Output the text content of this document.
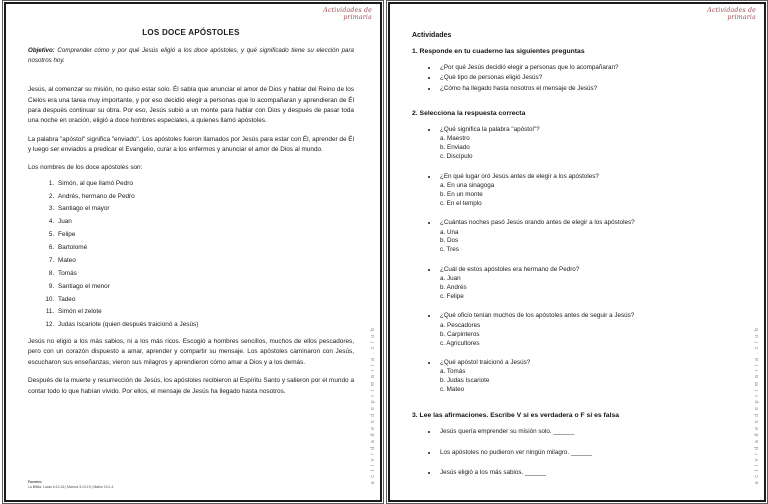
Actividades de
primaria
a c t i v i d a d e s d e p r i m a r i a . c l u b
LOS DOCE APÓSTOLES
Objetivo: Comprender cómo y por qué Jesús eligió a los doce apóstoles, y qué significado tiene su elección para nosotros hoy.

Jesús, al comenzar su misión, no quiso estar solo. Él sabía que anunciar el amor de Dios y hablar del Reino de los Cielos era una tarea muy importante, y por eso decidió elegir a personas que lo acompañaran y aprendieran de Él para después continuar su obra. Por eso, Jesús subió a un monte para hablar con Dios y después de pasar toda una noche en oración, eligió a doce hombres especiales, a quienes llamó apóstoles.

La palabra "apóstol" significa "enviado". Los apóstoles fueron llamados por Jesús para estar con Él, aprender de Él y luego ser enviados a predicar el Evangelio, curar a los enfermos y anunciar el amor de Dios al mundo.

Los nombres de los doce apóstoles son:

1. Simón, al que llamó Pedro
2. Andrés, hermano de Pedro
3. Santiago el mayor
4. Juan
5. Felipe
6. Bartolomé
7. Mateo
8. Tomás
9. Santiago el menor
10. Tadeo
11. Simón el zelote
12. Judas Iscariote (quien después traicionó a Jesús)

Jesús no eligió a los más sabios, ni a los más ricos. Escogió a hombres sencillos, muchos de ellos pescadores, pero con un corazón dispuesto a amar, aprender y compartir su mensaje. Los apóstoles caminaron con Jesús, escucharon sus enseñanzas, vieron sus milagros y aprendieron cómo amar a Dios y a los demás.

Después de la muerte y resurrección de Jesús, los apóstoles recibieron al Espíritu Santo y salieron por el mundo a contar todo lo que habían vivido. Por ellos, el mensaje de Jesús ha llegado hasta nosotros.

Fuentes:
La Biblia: Lucas 6:12-16 | Marcos 3:13-19 | Mateo 10:1-4
Actividades de
primaria
a c t i v i d a d e s d e p r i m a r i a . c l u b
Actividades
1. Responde en tu cuaderno las siguientes preguntas
• ¿Por qué Jesús decidió elegir a personas que lo acompañaran?
• ¿Qué tipo de personas eligió Jesús?
• ¿Cómo ha llegado hasta nosotros el mensaje de Jesús?
2. Selecciona la respuesta correcta
• ¿Qué significa la palabra "apóstol"?
a. Maestro
b. Enviado
c. Discípulo
• ¿En qué lugar oró Jesús antes de elegir a los apóstoles?
a. En una sinagoga
b. En un monte
c. En el templo
• ¿Cuántas noches pasó Jesús orando antes de elegir a los apóstoles?
a. Una
b. Dos
c. Tres
• ¿Cuál de estos apóstoles era hermano de Pedro?
a. Juan
b. Andrés
c. Felipe
• ¿Qué oficio tenían muchos de los apóstoles antes de seguir a Jesús?
a. Pescadores
b. Carpinteros
c. Agricultores
• ¿Qué apóstol traicionó a Jesús?
a. Tomás
b. Judas Iscariote
c. Mateo
3. Lee las afirmaciones. Escribe V si es verdadera o F si es falsa
• Jesús quería emprender su misión solo. ______
• Los apóstoles no pudieron ver ningún milagro. ______
• Jesús eligió a los más sabios. ______
